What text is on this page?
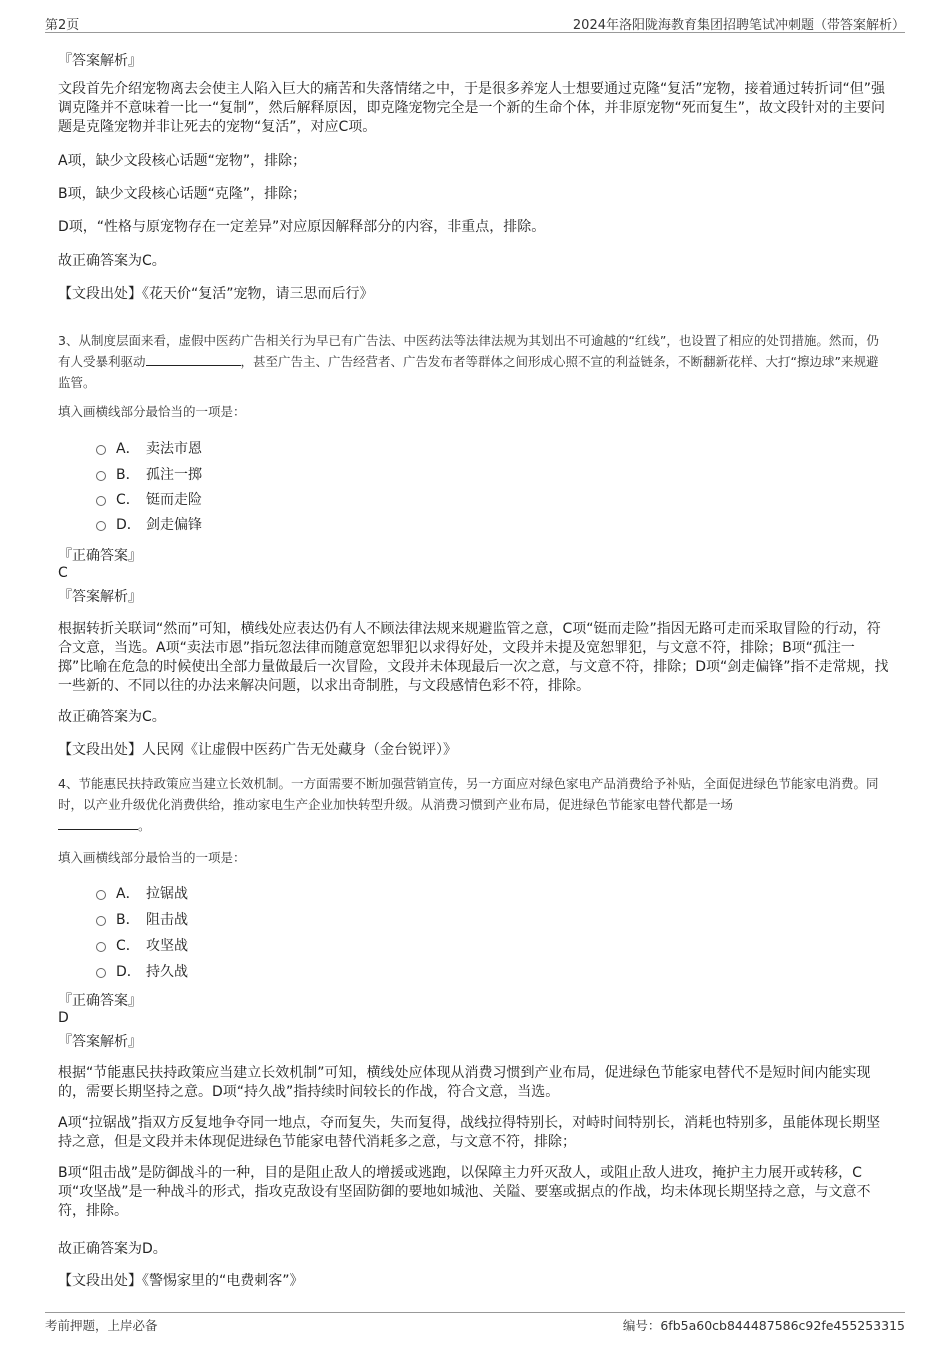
第2页	2024年洛阳陇海教育集团招聘笔试冲刺题（带答案解析）
『答案解析』
文段首先介绍宠物离去会使主人陷入巨大的痛苦和失落情绪之中，于是很多养宠人士想要通过克隆“复活”宠物，接着通过转折词“但”强调克隆并不意味着一比一“复制”，然后解释原因，即克隆宠物完全是一个新的生命个体，并非原宠物“死而复生”，故文段针对的主要问题是克隆宠物并非让死去的宠物“复活”，对应C项。
A项，缺少文段核心话题“宠物”，排除；
B项，缺少文段核心话题“克隆”，排除；
D项，“性格与原宠物存在一定差异”对应原因解释部分的内容，非重点，排除。
故正确答案为C。
【文段出处】《花天价“复活”宠物，请三思而后行》
3、从制度层面来看，虚假中医药广告相关行为早已有广告法、中医药法等法律法规为其划出不可逾越的“红线”，也设置了相应的处罚措施。然而，仍有人受暴利驱动	，甚至广告主、广告经营者、广告发布者等群体之间形成心照不宣的利益链条，不断翻新花样、大打“擦边球”来规避监管。
填入画横线部分最恰当的一项是：
A． 卖法市恩
B． 孤注一掷
C． 铤而走险
D． 剑走偏锋
『正确答案』
C
『答案解析』
根据转折关联词“然而”可知，横线处应表达仍有人不顾法律法规来规避监管之意，C项“铤而走险”指因无路可走而采取冒险的行动，符合文意，当选。A项“卖法市恩”指玩忽法律而随意宽恕罪犯以求得好处，文段并未提及宽恕罪犯，与文意不符，排除；B项“孤注一掷”比喻在危急的时候使出全部力量做最后一次冒险，文段并未体现最后一次之意，与文意不符，排除；D项“剑走偏锋”指不走常规，找一些新的、不同以往的办法来解决问题，以求出奇制胜，与文段感情色彩不符，排除。
故正确答案为C。
【文段出处】人民网《让虚假中医药广告无处藏身（金台锐评）》
4、节能惠民扶持政策应当建立长效机制。一方面需要不断加强营销宣传，另一方面应对绿色家电产品消费给予补贴，全面促进绿色节能家电消费。同时，以产业升级优化消费供给，推动家电生产企业加快转型升级。从消费习惯到产业布局，促进绿色节能家电替代都是一场
。
填入画横线部分最恰当的一项是：
A． 拉锯战
B． 阻击战
C． 攻坚战
D． 持久战
『正确答案』
D
『答案解析』
根据“节能惠民扶持政策应当建立长效机制”可知，横线处应体现从消费习惯到产业布局，促进绿色节能家电替代不是短时间内能实现的，需要长期坚持之意。D项“持久战”指持续时间较长的作战，符合文意，当选。
A项“拉锯战”指双方反复地争夺同一地点，夺而复失，失而复得，战线拉得特别长，对峙时间特别长，消耗也特别多，虽能体现长期坚持之意，但是文段并未体现促进绿色节能家电替代消耗多之意，与文意不符，排除；
B项“阻击战”是防御战斗的一种，目的是阻止敌人的增援或逃跑，以保障主力歼灭敌人，或阻止敌人进攻，掩护主力展开或转移，C项“攻坚战”是一种战斗的形式，指攻克敌设有坚固防御的要地如城池、关隘、要塞或据点的作战，均未体现长期坚持之意，与文意不符，排除。
故正确答案为D。
【文段出处】《警惕家里的“电费刺客”》
考前押题，上岸必备	编号：6fb5a60cb844487586c92fe455253315
